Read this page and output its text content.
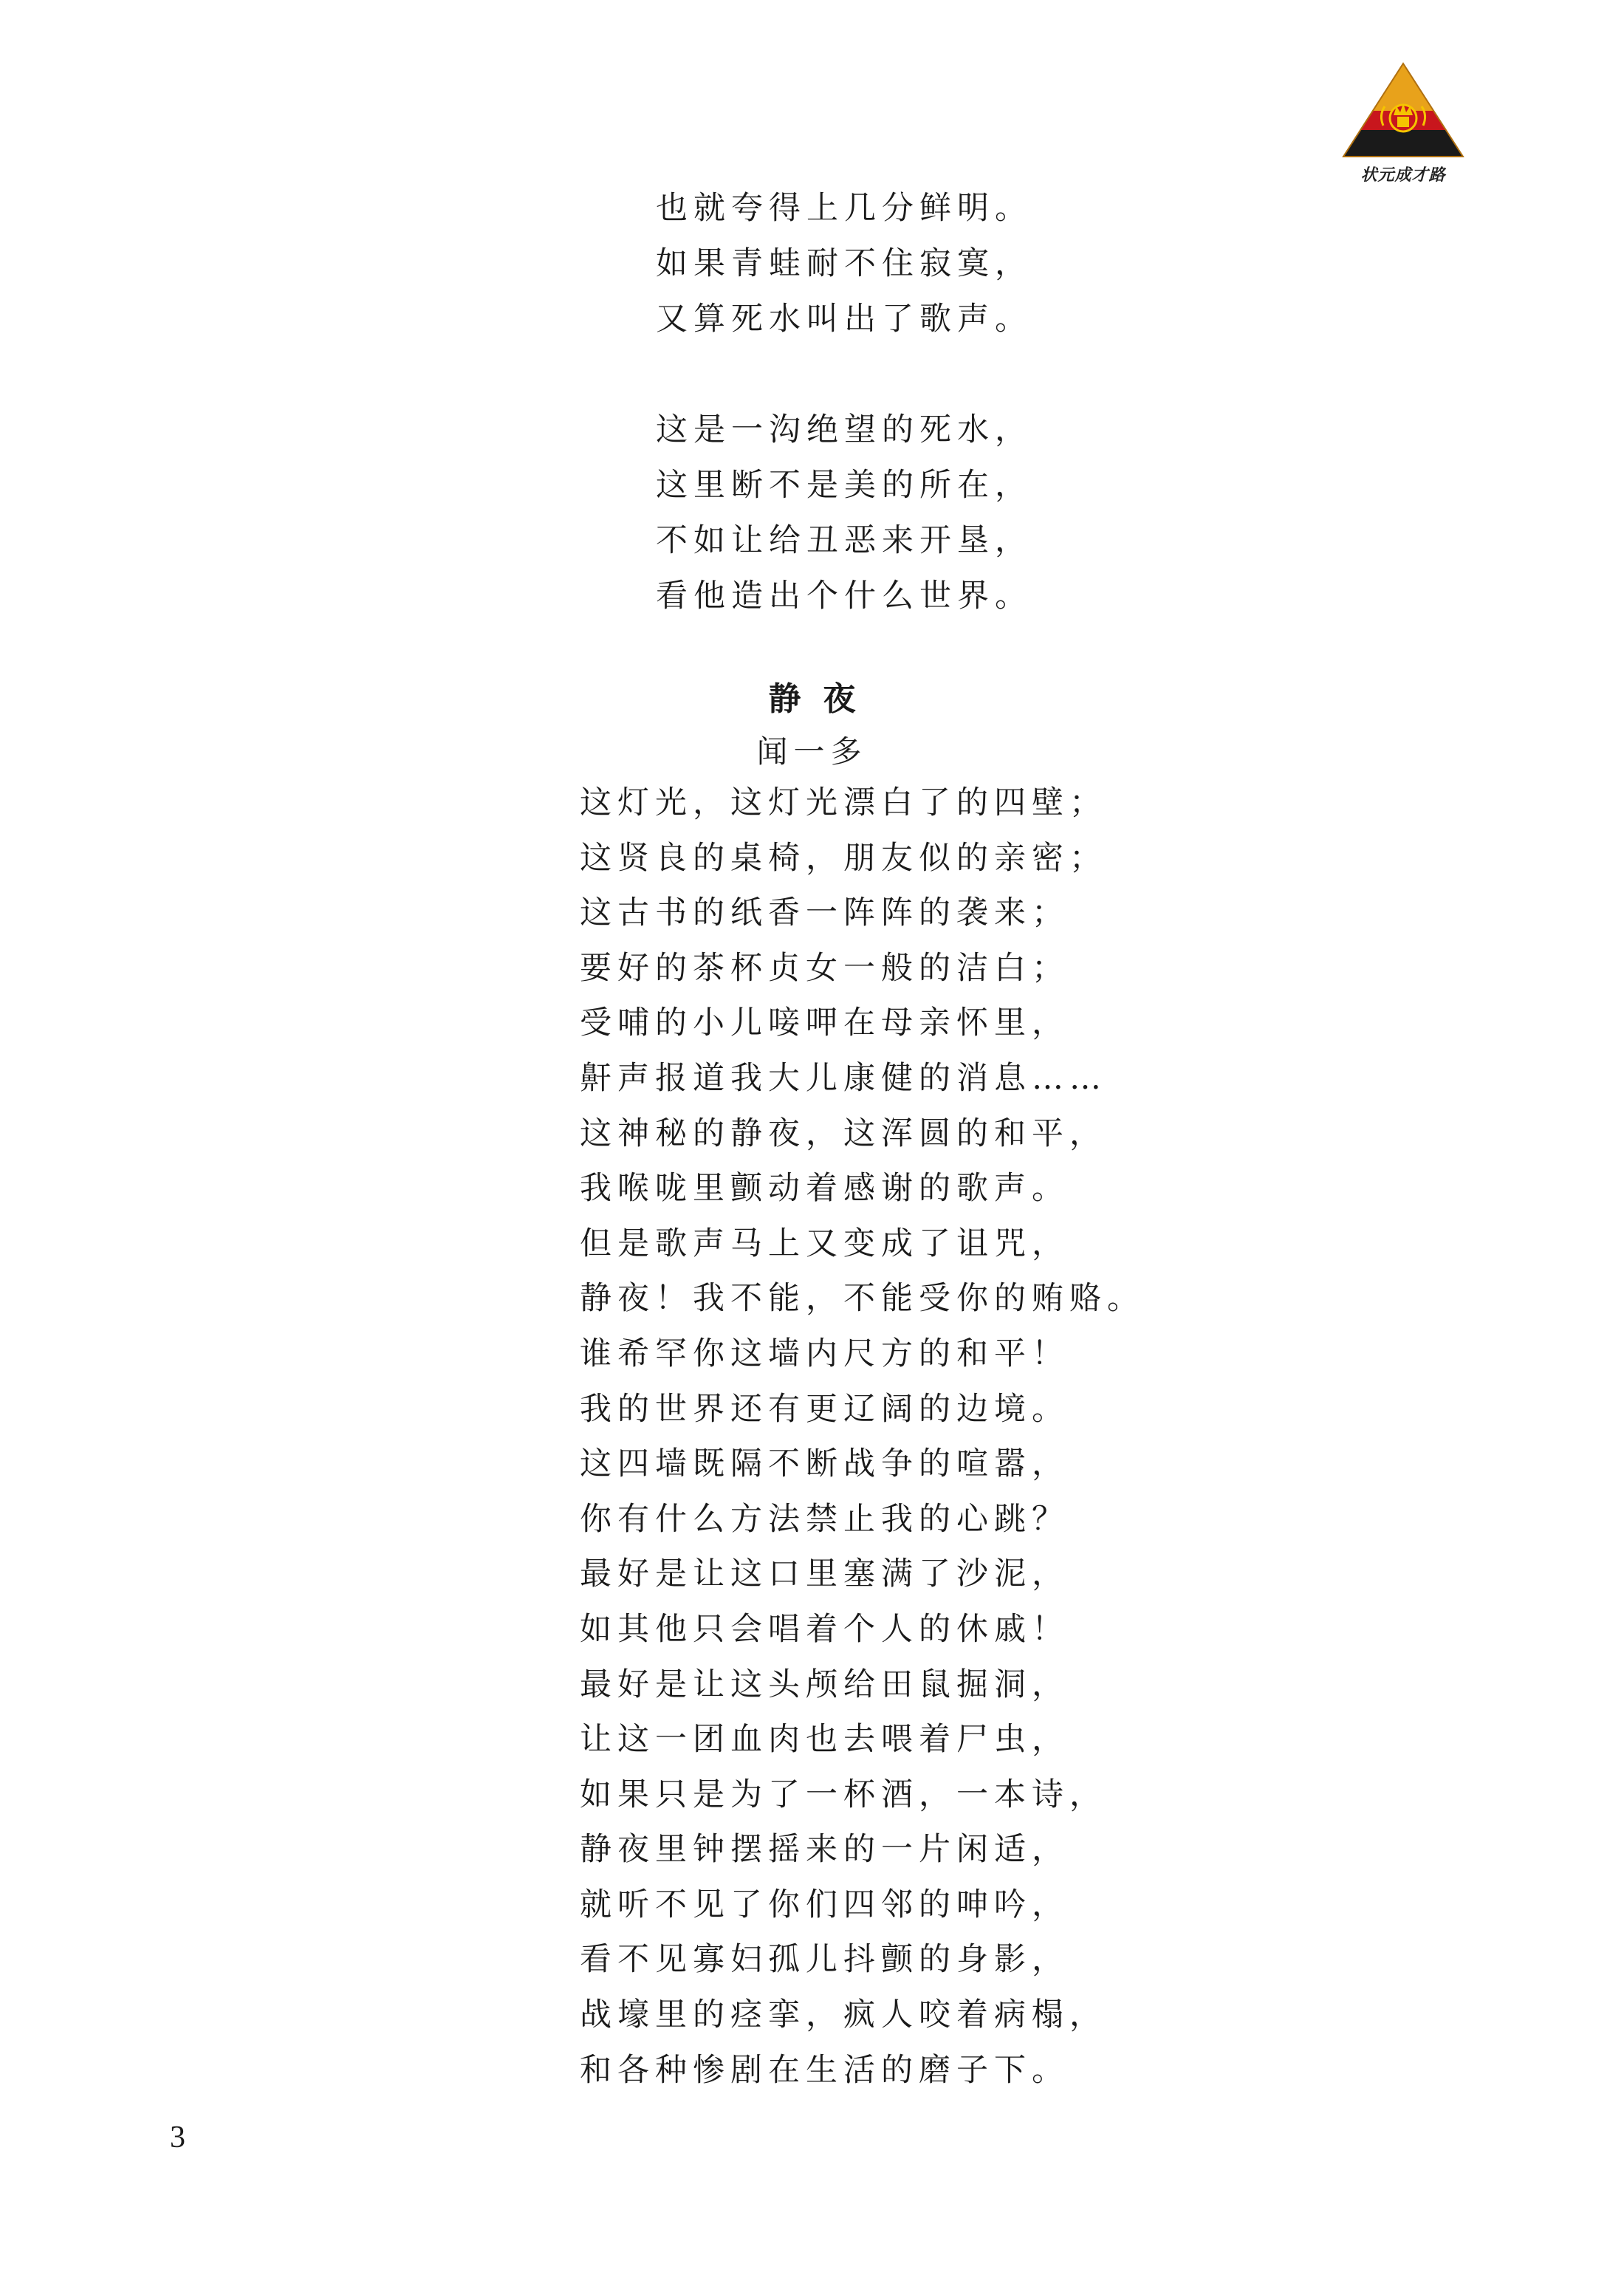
状元成才路
也就夸得上几分鲜明。
如果青蛙耐不住寂寞，
又算死水叫出了歌声。
这是一沟绝望的死水，
这里断不是美的所在，
不如让给丑恶来开垦，
看他造出个什么世界。
静夜
闻一多
这灯光，这灯光漂白了的四壁；
这贤良的桌椅，朋友似的亲密；
这古书的纸香一阵阵的袭来；
要好的茶杯贞女一般的洁白；
受哺的小儿唼呷在母亲怀里，
鼾声报道我大儿康健的消息……
这神秘的静夜，这浑圆的和平，
我喉咙里颤动着感谢的歌声。
但是歌声马上又变成了诅咒，
静夜！我不能，不能受你的贿赂。
谁希罕你这墙内尺方的和平！
我的世界还有更辽阔的边境。
这四墙既隔不断战争的喧嚣，
你有什么方法禁止我的心跳？
最好是让这口里塞满了沙泥，
如其他只会唱着个人的休戚！
最好是让这头颅给田鼠掘洞，
让这一团血肉也去喂着尸虫，
如果只是为了一杯酒，一本诗，
静夜里钟摆摇来的一片闲适，
就听不见了你们四邻的呻吟，
看不见寡妇孤儿抖颤的身影，
战壕里的痉挛，疯人咬着病榻，
和各种惨剧在生活的磨子下。
3
